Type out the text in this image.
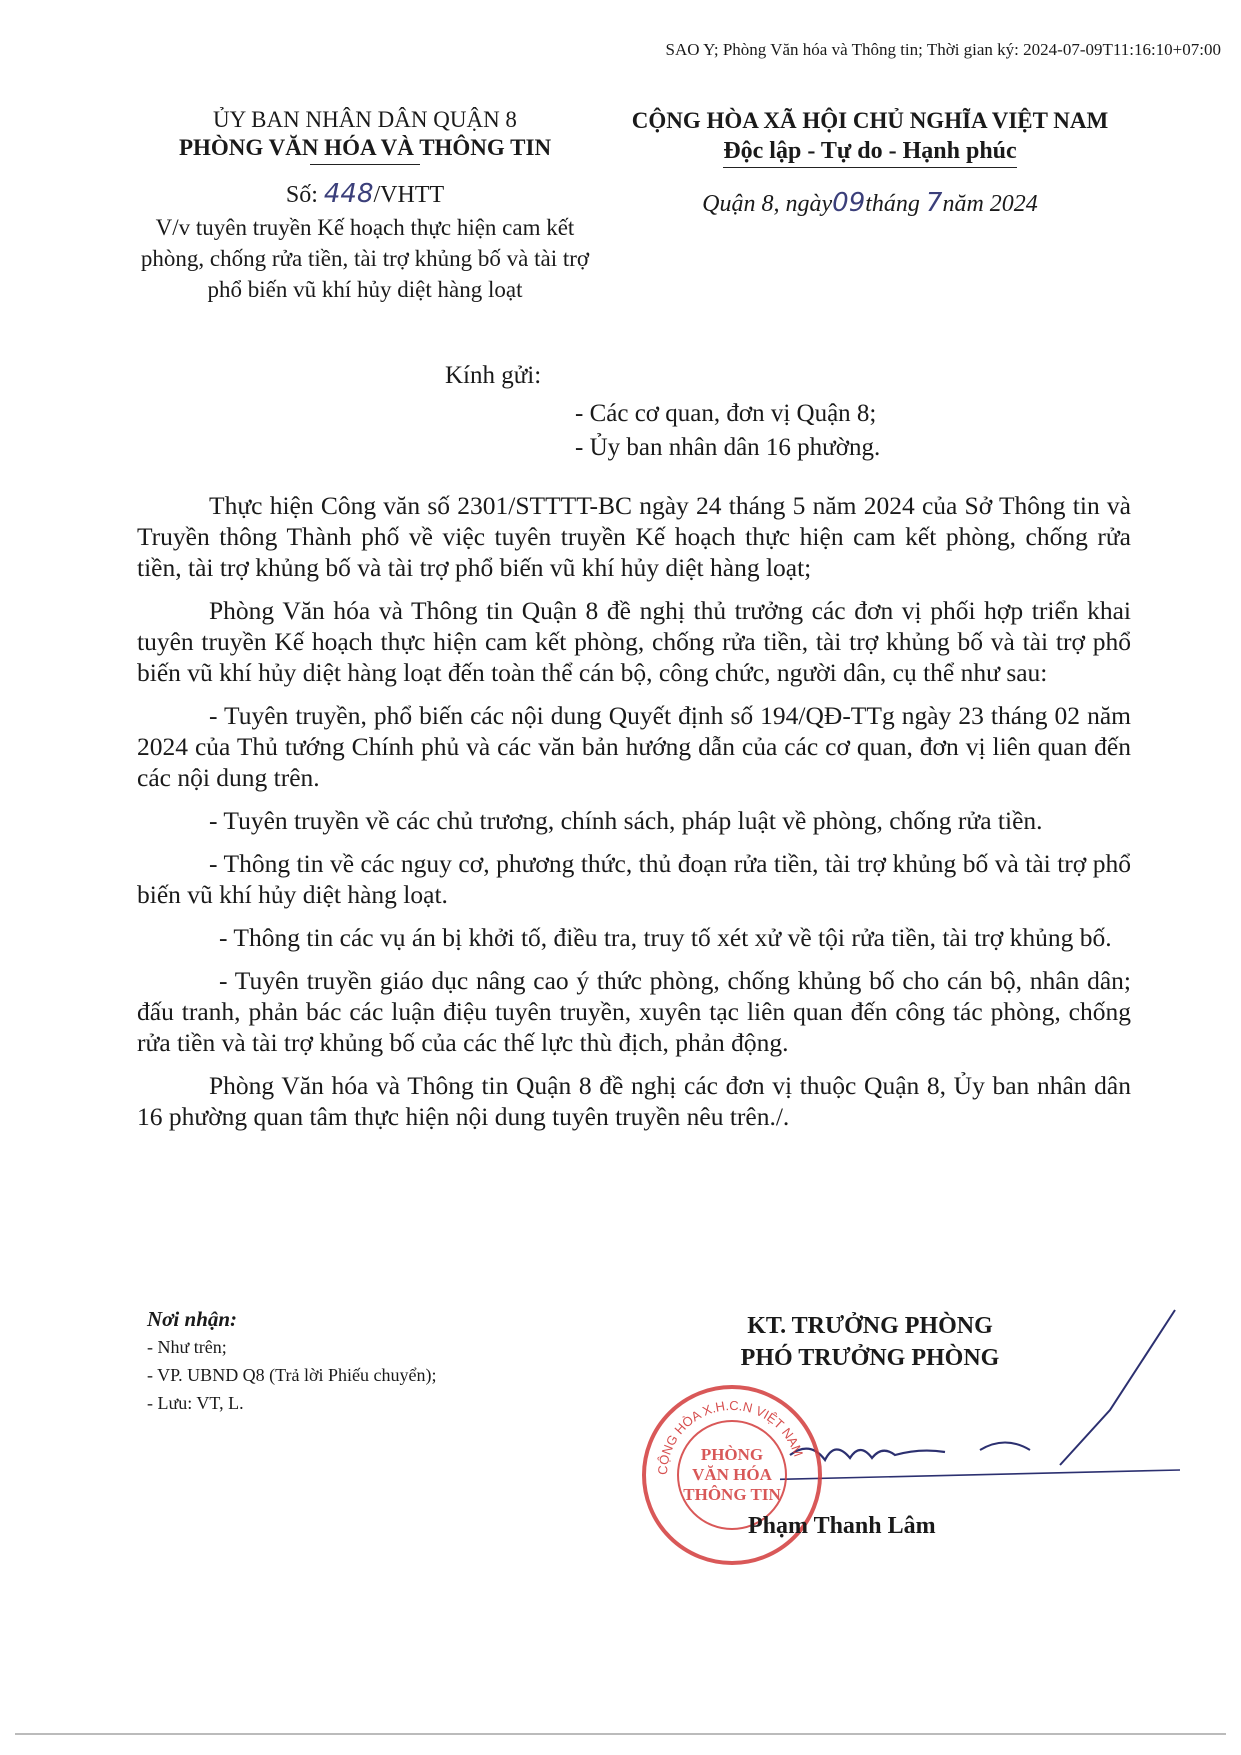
SAO Y; Phòng Văn hóa và Thông tin; Thời gian ký: 2024-07-09T11:16:10+07:00
ỦY BAN NHÂN DÂN QUẬN 8
PHÒNG VĂN HÓA VÀ THÔNG TIN
Số: 448/VHTT
V/v tuyên truyền Kế hoạch thực hiện cam kết phòng, chống rửa tiền, tài trợ khủng bố và tài trợ phổ biến vũ khí hủy diệt hàng loạt
CỘNG HÒA XÃ HỘI CHỦ NGHĨA VIỆT NAM
Độc lập - Tự do - Hạnh phúc
Quận 8, ngày09tháng 7năm 2024
Kính gửi:
- Các cơ quan, đơn vị Quận 8;
- Ủy ban nhân dân 16 phường.

Thực hiện Công văn số 2301/STTTT-BC ngày 24 tháng 5 năm 2024 của Sở Thông tin và Truyền thông Thành phố về việc tuyên truyền Kế hoạch thực hiện cam kết phòng, chống rửa tiền, tài trợ khủng bố và tài trợ phổ biến vũ khí hủy diệt hàng loạt;

Phòng Văn hóa và Thông tin Quận 8 đề nghị thủ trưởng các đơn vị phối hợp triển khai tuyên truyền Kế hoạch thực hiện cam kết phòng, chống rửa tiền, tài trợ khủng bố và tài trợ phổ biến vũ khí hủy diệt hàng loạt đến toàn thể cán bộ, công chức, người dân, cụ thể như sau:

- Tuyên truyền, phổ biến các nội dung Quyết định số 194/QĐ-TTg ngày 23 tháng 02 năm 2024 của Thủ tướng Chính phủ và các văn bản hướng dẫn của các cơ quan, đơn vị liên quan đến các nội dung trên.

- Tuyên truyền về các chủ trương, chính sách, pháp luật về phòng, chống rửa tiền.

- Thông tin về các nguy cơ, phương thức, thủ đoạn rửa tiền, tài trợ khủng bố và tài trợ phổ biến vũ khí hủy diệt hàng loạt.

- Thông tin các vụ án bị khởi tố, điều tra, truy tố xét xử về tội rửa tiền, tài trợ khủng bố.

- Tuyên truyền giáo dục nâng cao ý thức phòng, chống khủng bố cho cán bộ, nhân dân; đấu tranh, phản bác các luận điệu tuyên truyền, xuyên tạc liên quan đến công tác phòng, chống rửa tiền và tài trợ khủng bố của các thế lực thù địch, phản động.

Phòng Văn hóa và Thông tin Quận 8 đề nghị các đơn vị thuộc Quận 8, Ủy ban nhân dân 16 phường quan tâm thực hiện nội dung tuyên truyền nêu trên./.

Nơi nhận:
- Như trên;
- VP. UBND Q8 (Trả lời Phiếu chuyển);
- Lưu: VT, L.
KT. TRƯỞNG PHÒNG
PHÓ TRƯỞNG PHÒNG
CỘNG HÒA X.H.C.N VIỆT NAM
PHÒNG
VĂN HÓA
THÔNG TIN
Phạm Thanh Lâm
